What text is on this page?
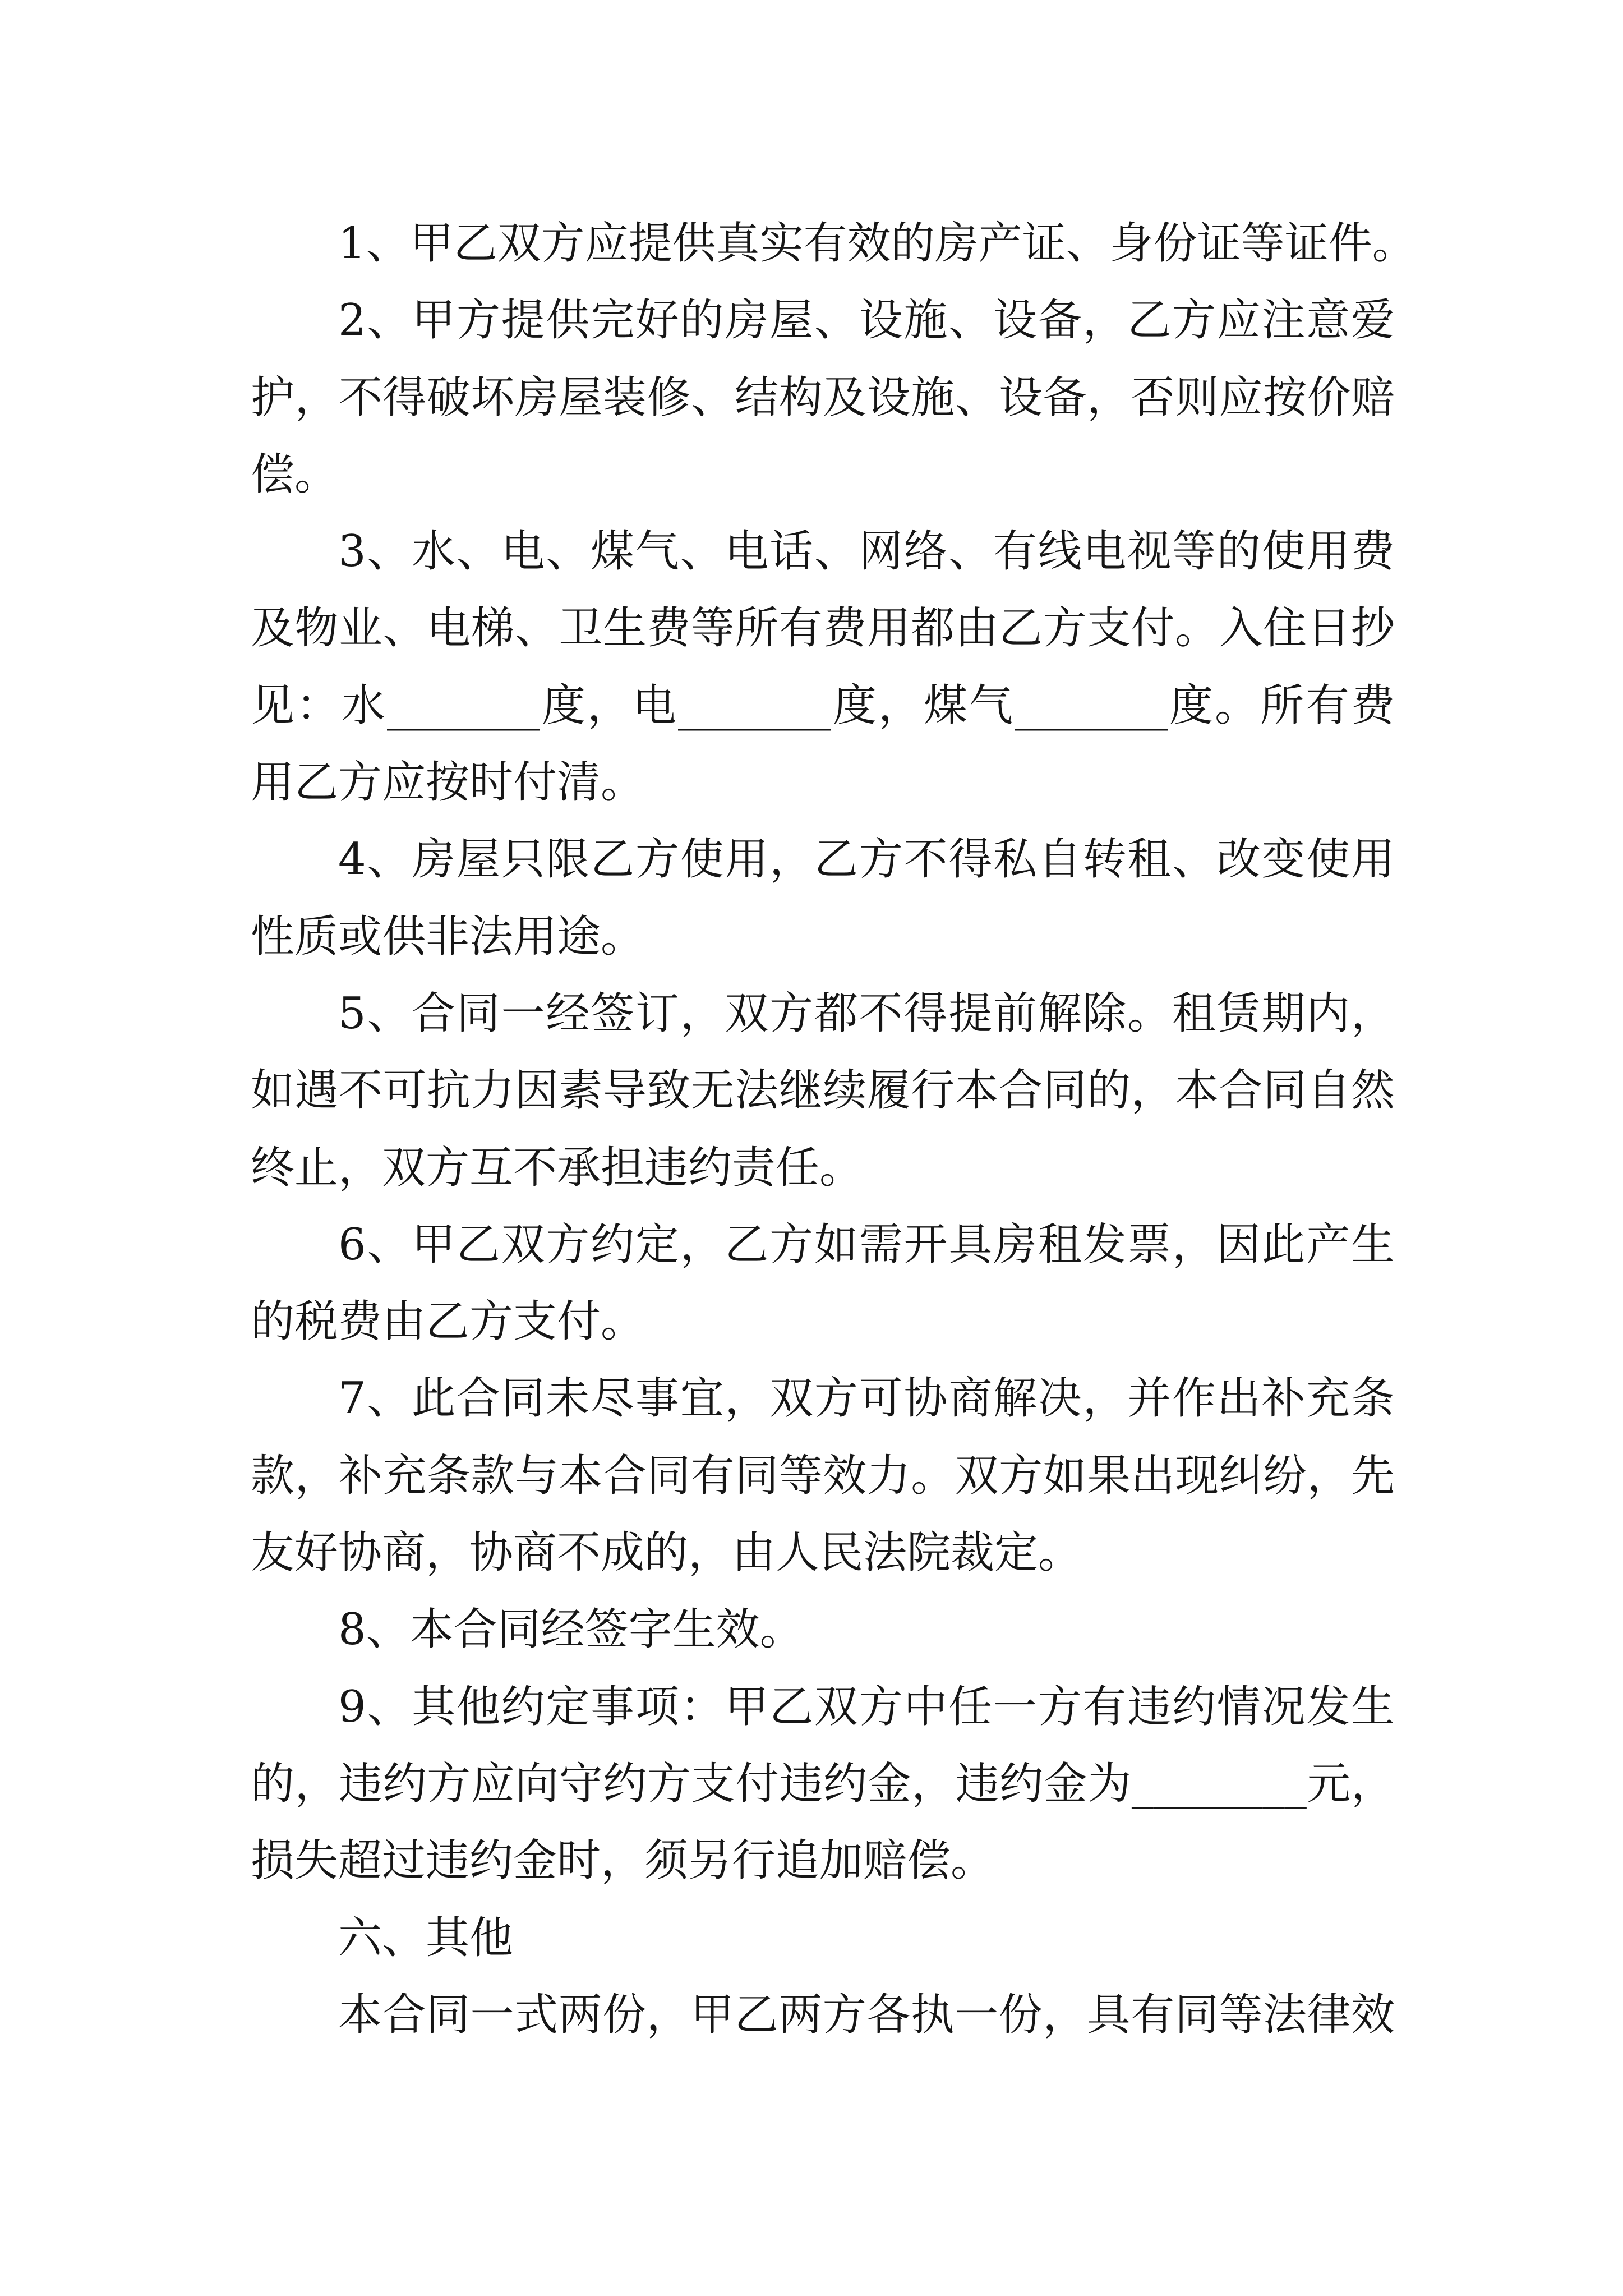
1、甲乙双方应提供真实有效的房产证、身份证等证件。
2、甲方提供完好的房屋、设施、设备，乙方应注意爱
护，不得破坏房屋装修、结构及设施、设备，否则应按价赔
偿。
3、水、电、煤气、电话、网络、有线电视等的使用费
及物业、电梯、卫生费等所有费用都由乙方支付。入住日抄
见：水_______度，电_______度，煤气_______度。所有费
用乙方应按时付清。
4、房屋只限乙方使用，乙方不得私自转租、改变使用
性质或供非法用途。
5、合同一经签订，双方都不得提前解除。租赁期内，
如遇不可抗力因素导致无法继续履行本合同的，本合同自然
终止，双方互不承担违约责任。
6、甲乙双方约定，乙方如需开具房租发票，因此产生
的税费由乙方支付。
7、此合同未尽事宜，双方可协商解决，并作出补充条
款，补充条款与本合同有同等效力。双方如果出现纠纷，先
友好协商，协商不成的，由人民法院裁定。
8、本合同经签字生效。
9、其他约定事项：甲乙双方中任一方有违约情况发生
的，违约方应向守约方支付违约金，违约金为________元，
损失超过违约金时，须另行追加赔偿。
六、其他
本合同一式两份，甲乙两方各执一份，具有同等法律效
